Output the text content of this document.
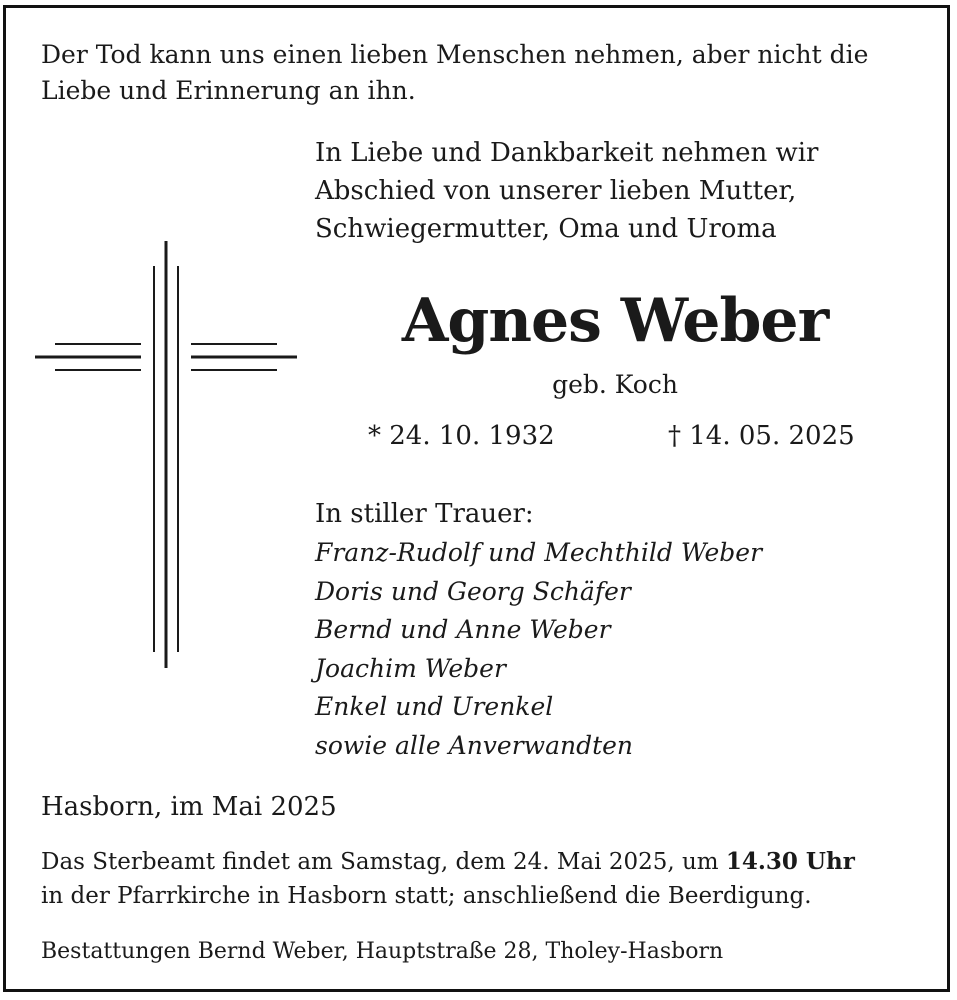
Der Tod kann uns einen lieben Menschen nehmen, aber nicht die
Liebe und Erinnerung an ihn.
In Liebe und Dankbarkeit nehmen wir
Abschied von unserer lieben Mutter,
Schwiegermutter, Oma und Uroma
Agnes Weber
geb. Koch
* 24. 10. 1932	† 14. 05. 2025
In stiller Trauer:
Franz-Rudolf und Mechthild Weber
Doris und Georg Schäfer
Bernd und Anne Weber
Joachim Weber
Enkel und Urenkel
sowie alle Anverwandten
Hasborn, im Mai 2025
Das Sterbeamt findet am Samstag, dem 24. Mai 2025, um 14.30 Uhr
in der Pfarrkirche in Hasborn statt; anschließend die Beerdigung.
Bestattungen Bernd Weber, Hauptstraße 28, Tholey-Hasborn
